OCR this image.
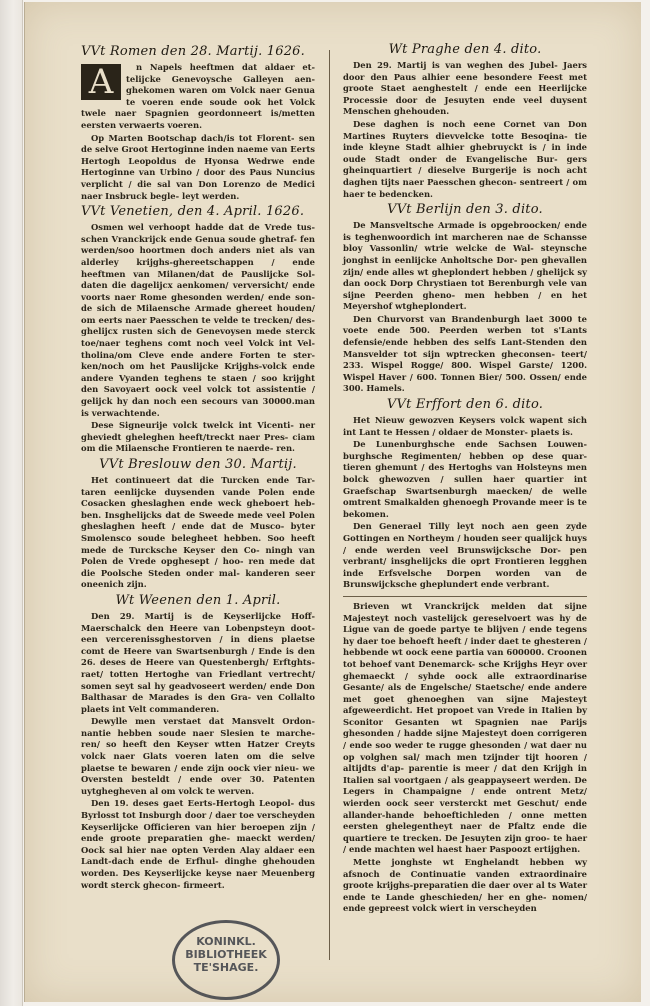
VVt Romen den 28. Martij. 1626.
A	n Napels heeftmen dat aldaer et- telijcke Genevoysche Galleyen aen- ghekomen waren om Volck naer Genua te voeren ende soude ook het Volck twele naer Spagnien geordonneert is/metten eersten verwaerts voeren.

Op Marten Bootschap dach/is tot Florent- sen de selve Groot Hertoginne inden naeme van Eerts Hertogh Leopoldus de Hyonsa Wedrwe ende Hertoginne van Urbino / door des Paus Nuncius verplicht / die sal van Don Lorenzo de Medici naer Insbruck begle- leyt werden.

VVt Venetien, den 4. April. 1626.

Osmen wel verhoopt hadde dat de Vrede tus- schen Vranckrijck ende Genua soude ghetraf- fen werden/soo hoortmen doch anders niet als van alderley krijghs-ghereetschappen / ende heeftmen van Milanen/dat de Pauslijcke Sol- daten die dagelijcx aenkomen/ verversicht/ ende voorts naer Rome ghesonden werden/ ende son- de sich de Milaensche Armade ghereet houden/ om eerts naer Paesschen te velde te trecken/ des- ghelijcx rusten sich de Genevoysen mede sterck toe/naer teghens comt noch veel Volck int Vel- tholina/om Cleve ende andere Forten te ster- ken/noch om het Pauslijcke Krijghs-volck ende andere Vyanden teghens te staen / soo krijght den Savoyaert oock veel volck tot assistentie / gelijck hy dan noch een secours van 30000.man is verwachtende.

Dese Signeurije volck twelck int Vicenti- ner gheviedt gheleghen heeft/treckt naer Pres- ciam om die Milaensche Frontieren te naerde- ren.

VVt Breslouw den 30. Martij.

Het continueert dat die Turcken ende Tar- taren eenlijcke duysenden vande Polen ende Cosacken gheslaghen ende weck gheboert heb- ben. Insghelijcks dat de Sweede mede veel Polen gheslaghen heeft / ende dat de Musco- byter Smolensco soude belegheet hebben. Soo heeft mede de Turcksche Keyser den Co- ningh van Polen de Vrede opghesept / hoo- ren mede dat die Poolsche Steden onder mal- kanderen seer oneenich zijn.

Wt Weenen den 1. April.

Den 29. Martij is de Keyserlijcke Hoff- Maerschalck den Heere van Lobenpsteyn doot- een vercerenissghestorven / in diens plaetse comt de Heere van Swartsenburgh / Ende is den 26. deses de Heere van Questenbergh/ Erftghts-raet/ totten Hertoghe van Friedlant vertrecht/ somen seyt sal hy geadvoseert werden/ ende Don Balthasar de Marades is den Gra- ven Collalto plaets int Velt commanderen.

Dewylle men verstaet dat Mansvelt Ordon- nantie hebben soude naer Slesien te marche- ren/ so heeft den Keyser wtten Hatzer Creyts volck naer Glats voeren laten om die selve plaetse te bewaren / ende zijn oock vier nieu- we Oversten besteldt / ende over 30. Patenten uytghegheven al om volck te werven.

Den 19. deses gaet Eerts-Hertogh Leopol- dus Byrlosst tot Insburgh door / daer toe verscheyden Keyserlijcke Officieren van hier beroepen zijn / ende groote preparatien ghe- maeckt werden/ Oock sal hier nae opten Verden Alay aldaer een Landt-dach ende de Erfhul- dinghe ghehouden worden. Des Keyserlijcke keyse naer Meuenberg wordt sterck ghecon- firmeert.

Wt Praghe den 4. dito.

Den 29. Martij is van weghen des Jubel- Jaers door den Paus alhier eene besondere Feest met groote Staet aenghestelt / ende een Heerlijcke Processie door de Jesuyten ende veel duysent Menschen ghehouden.

Dese daghen is noch eene Cornet van Don Martines Ruyters dievvelcke totte Besoqina- tie inde kleyne Stadt alhier ghebruyckt is / in inde oude Stadt onder de Evangelische Bur- gers gheinquartiert / dieselve Burgerije is noch acht daghen tijts naer Paesschen ghecon- sentreert / om haer te bedencken.

VVt Berlijn den 3. dito.

De Mansveltsche Armade is opgebroocken/ ende is teghenwoordich int marcheren nae de Schansse bloy Vassonlin/ wtrie welcke de Wal- steynsche jonghst in eenlijcke Anholtsche Dor- pen ghevallen zijn/ ende alles wt gheplondert hebben / ghelijck sy dan oock Dorp Chrystiaen tot Berenburgh vele van sijne Peerden gheno- men hebben / en het Meyershof wtgheplondert.

Den Churvorst van Brandenburgh laet 3000 te voete ende 500. Peerden werben tot s'Lants defensie/ende hebben des selfs Lant-Stenden den Mansvelder tot sijn wptrecken gheconsen- teert/ 233. Wispel Rogge/ 800. Wispel Garste/ 1200. Wispel Haver / 600. Tonnen Bier/ 500. Ossen/ ende 300. Hamels.

VVt Erffort den 6. dito.

Het Nieuw gewozven Keysers volck wapent sich int Lant te Hessen / oldaer de Monster- plaets is.

De Lunenburghsche ende Sachsen Louwen- burghsche Regimenten/ hebben op dese quar- tieren ghemunt / des Hertoghs van Holsteyns men bolck ghewozven / sullen haer quartier int Graefschap Swartsenburgh maecken/ de welle omtrent Smalkalden ghenoegh Provande meer is te bekomen.

Den Generael Tilly leyt noch aen geen zyde Gottingen en Northeym / houden seer qualijck huys / ende werden veel Brunswijcksche Dor- pen verbrant/ insghelijcks die oprt Frontieren legghen inde Erfsvelsche Dorpen worden van de Brunswijcksche gheplundert ende verbrant.

Brieven wt Vranckrijck melden dat sijne Majesteyt noch vastelijck gereselvoert was hy de Ligue van de goede partye te blijven / ende tegens hy daer toe behoeft heeft / inder daet te ghesteren / hebbende wt oock eene partia van 600000. Croonen tot behoef vant Denemarck- sche Krijghs Heyr over ghemaeckt / syhde oock alle extraordinarise Gesante/ als de Engelsche/ Staetsche/ ende andere met goet ghenoeghen van sijne Majesteyt afgeweerdicht. Het propoet van Vrede in Italien by Sconitor Gesanten wt Spagnien nae Parijs ghesonden / hadde sijne Majesteyt doen corrigeren / ende soo weder te rugge ghesonden / wat daer nu op volghen sal/ mach men tzijnder tijt hooren / altijdts d'ap- parentie is meer / dat den Krijgh in Italien sal voortgaen / als geappayseert werden. De Legers in Champaigne / ende ontrent Metz/ wierden oock seer versterckt met Geschut/ ende allander-hande behoeftichleden / onne metten eersten ghelegentheyt naer de Pfaltz ende die quartiere te trecken. De Jesuyten zijn groo- te haer / ende machten wel haest haer Paspoozt ertijghen.

Mette jonghste wt Enghelandt hebben wy afsnoch de Continuatie vanden extraordinaire groote krijghs-preparatien die daer over al ts Water ende te Lande gheschieden/ her en ghe- nomen/ ende gepreest volck wiert in verscheyden

KONINKL.
BIBLIOTHEEK
TE'SHAGE.
